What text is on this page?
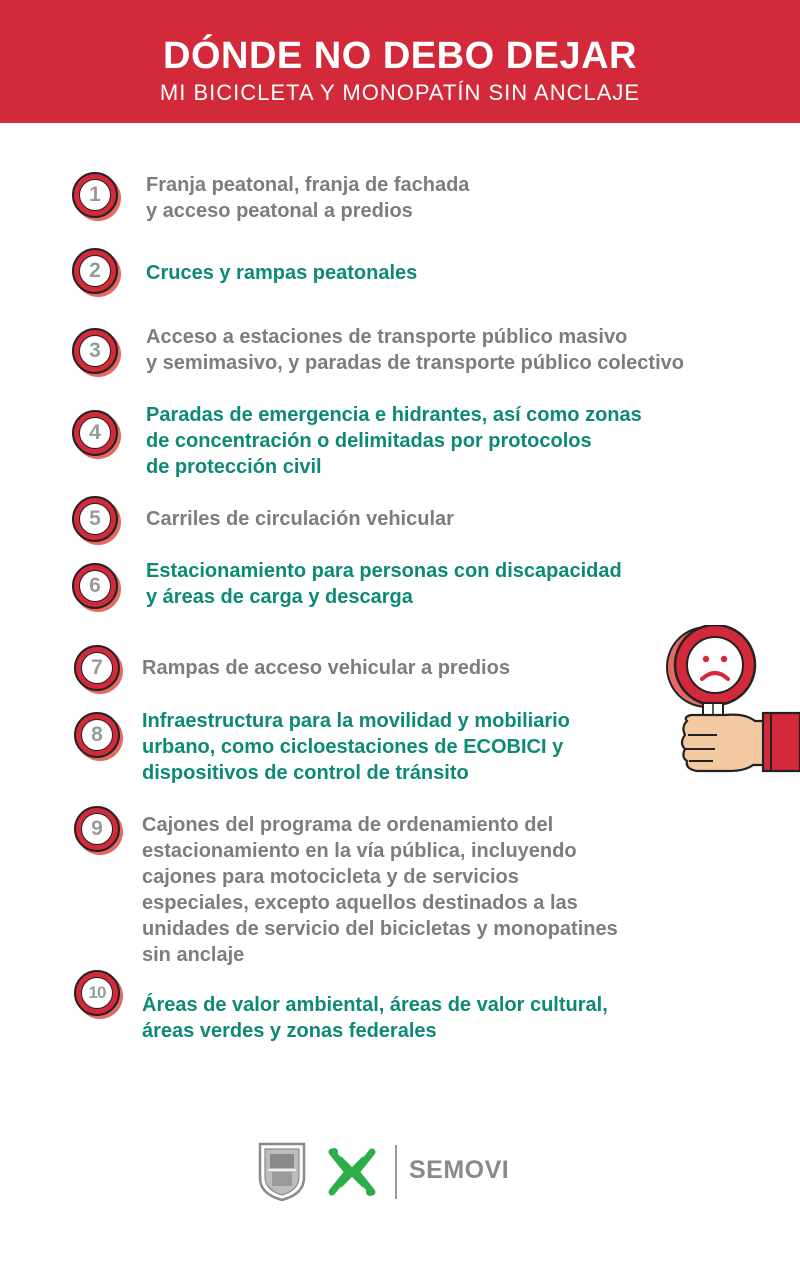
DÓNDE NO DEBO DEJAR
MI BICICLETA Y MONOPATÍN SIN ANCLAJE
1	Franja peatonal, franja de fachada
y acceso peatonal a predios
2	Cruces y rampas peatonales
3
Acceso a estaciones de transporte público masivo
y semimasivo, y paradas de transporte público colectivo
4
Paradas de emergencia e hidrantes, así como zonas
de concentración o delimitadas por protocolos
de protección civil
5	Carriles de circulación vehicular
6
Estacionamiento para personas con discapacidad
y áreas de carga y descarga
7	Rampas de acceso vehicular a predios
8
Infraestructura para la movilidad y mobiliario
urbano, como cicloestaciones de ECOBICI y
dispositivos de control de tránsito
9	Cajones del programa de ordenamiento del
estacionamiento en la vía pública, incluyendo
cajones para motocicleta y de servicios
especiales, excepto aquellos destinados a las
unidades de servicio del bicicletas y monopatines
sin anclaje
10
Áreas de valor ambiental, áreas de valor cultural,
áreas verdes y zonas federales
SEMOVI
